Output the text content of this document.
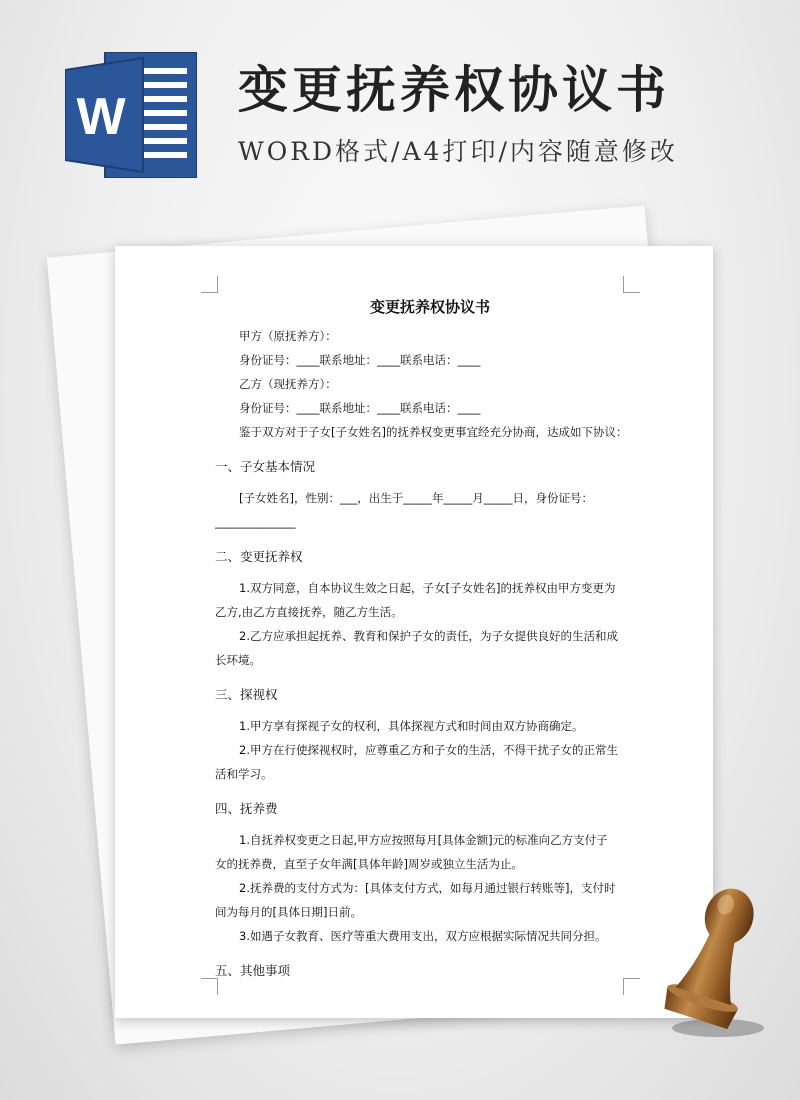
W 变更抚养权协议书
WORD格式/A4打印/内容随意修改
变更抚养权协议书
甲方（原抚养方）：
身份证号：____联系地址：____联系电话：____
乙方（现抚养方）：
身份证号：____联系地址：____联系电话：____
鉴于双方对于子女[子女姓名]的抚养权变更事宜经充分协商，达成如下协议：
一、子女基本情况
[子女姓名]，性别：___，出生于_____年_____月_____日，身份证号：
______________
二、变更抚养权
1.双方同意，自本协议生效之日起，子女[子女姓名]的抚养权由甲方变更为
乙方,由乙方直接抚养，随乙方生活。
2.乙方应承担起抚养、教育和保护子女的责任，为子女提供良好的生活和成
长环境。
三、探视权
1.甲方享有探视子女的权利，具体探视方式和时间由双方协商确定。
2.甲方在行使探视权时，应尊重乙方和子女的生活，不得干扰子女的正常生
活和学习。
四、抚养费
1.自抚养权变更之日起,甲方应按照每月[具体金额]元的标准向乙方支付子
女的抚养费，直至子女年满[具体年龄]周岁或独立生活为止。
2.抚养费的支付方式为：[具体支付方式，如每月通过银行转账等]，支付时
间为每月的[具体日期]日前。
3.如遇子女教育、医疗等重大费用支出，双方应根据实际情况共同分担。
五、其他事项
